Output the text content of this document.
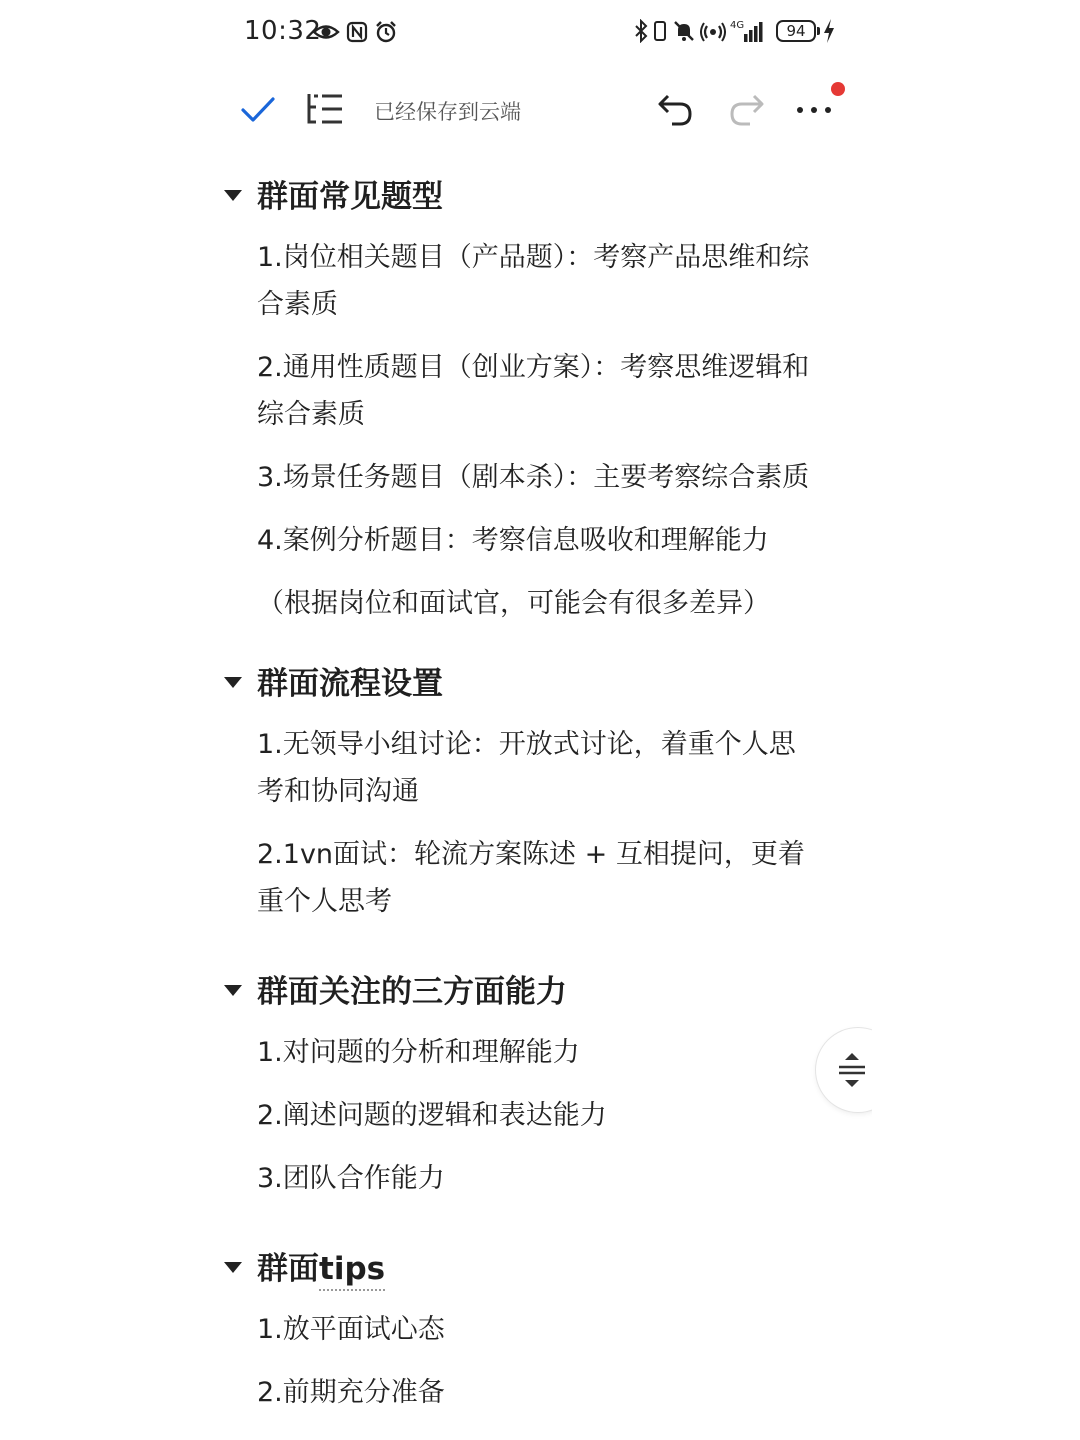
10:32	4G	94
已经保存到云端
群面常见题型
1.岗位相关题目（产品题）：考察产品思维和综合素质
2.通用性质题目（创业方案）：考察思维逻辑和综合素质
3.场景任务题目（剧本杀）：主要考察综合素质
4.案例分析题目：考察信息吸收和理解能力
（根据岗位和面试官，可能会有很多差异）
群面流程设置
1.无领导小组讨论：开放式讨论，着重个人思考和协同沟通
2.1vn面试：轮流方案陈述 + 互相提问，更着重个人思考
群面关注的三方面能力
1.对问题的分析和理解能力
2.阐述问题的逻辑和表达能力
3.团队合作能力
群面tips
1.放平面试心态
2.前期充分准备
